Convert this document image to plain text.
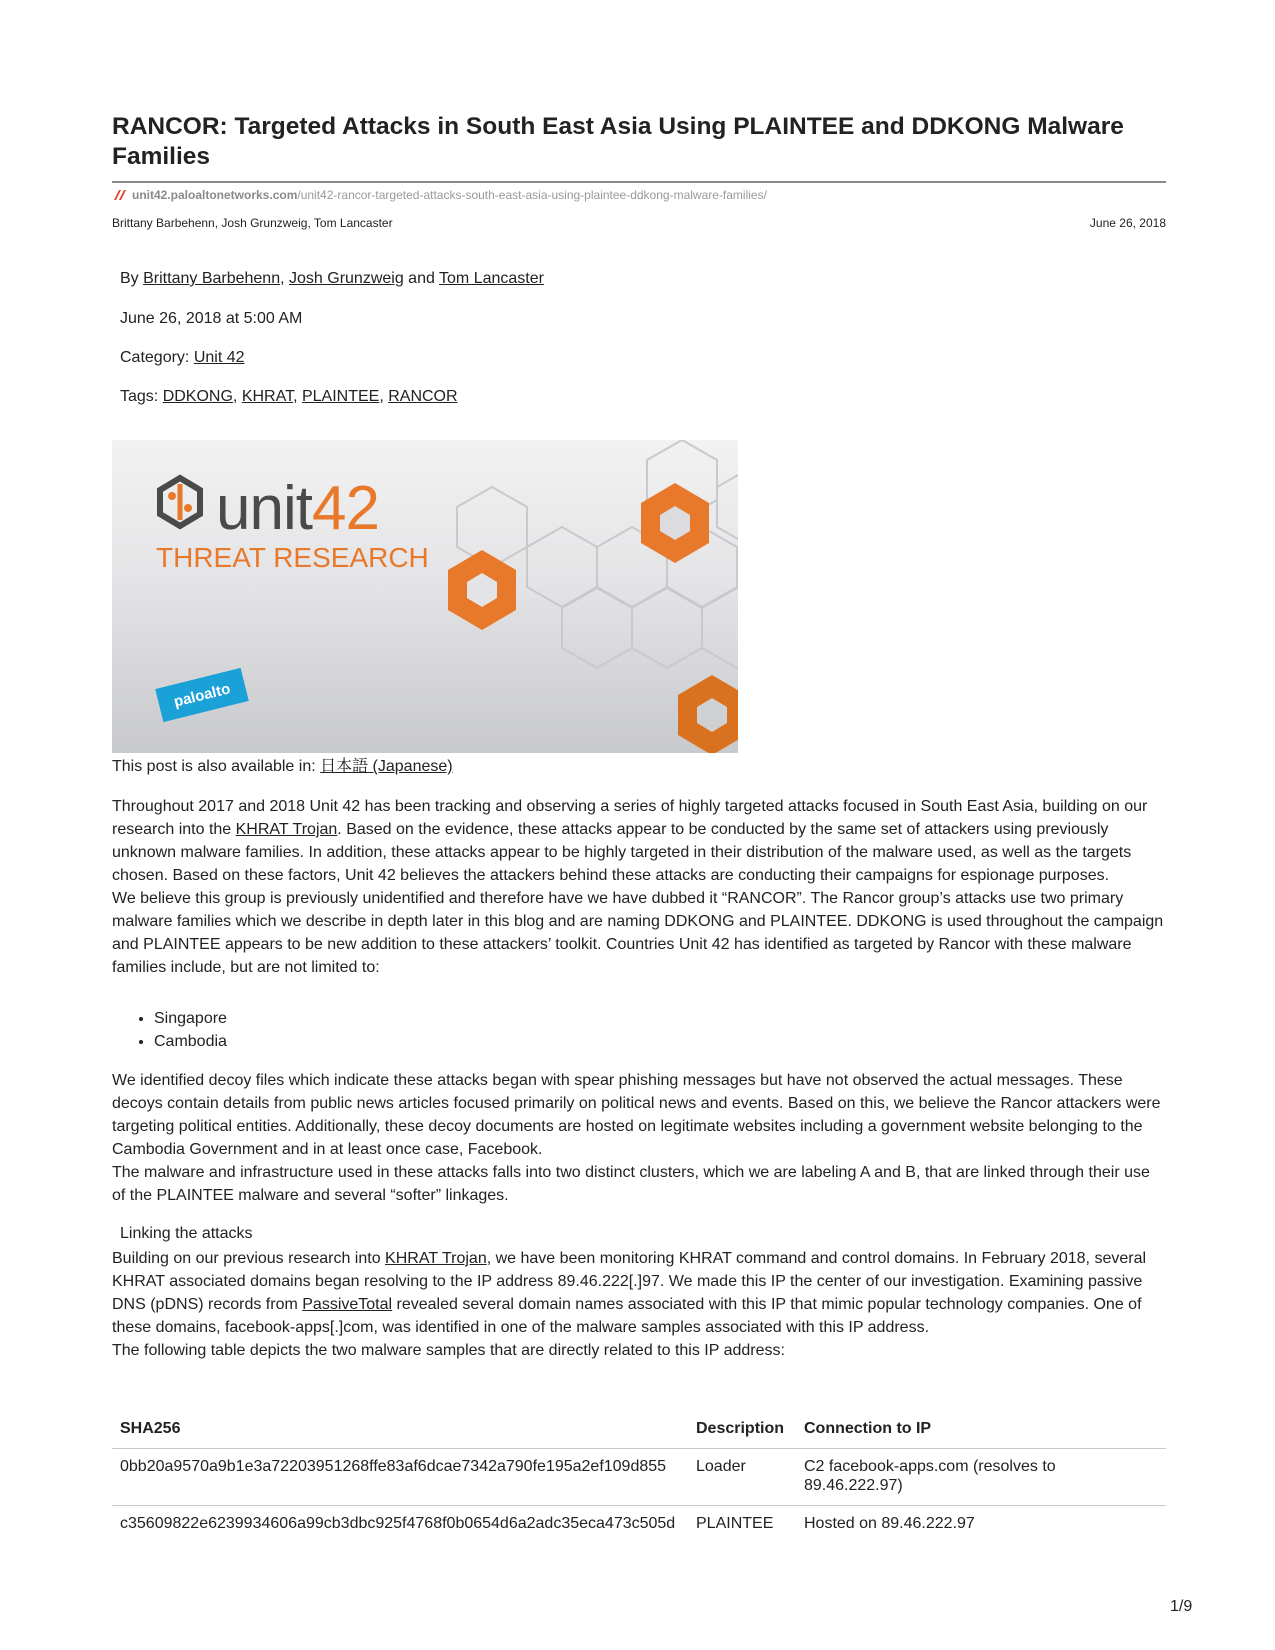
RANCOR: Targeted Attacks in South East Asia Using PLAINTEE and DDKONG Malware Families
unit42.paloaltonetworks.com /unit42-rancor-targeted-attacks-south-east-asia-using-plaintee-ddkong-malware-families/
Brittany Barbehenn, Josh Grunzweig, Tom Lancaster	June 26, 2018
By Brittany Barbehenn, Josh Grunzweig and Tom Lancaster
June 26, 2018 at 5:00 AM
Category: Unit 42
Tags: DDKONG, KHRAT, PLAINTEE, RANCOR
unit42
THREAT RESEARCH
paloalto
This post is also available in: 日本語 (Japanese)

Throughout 2017 and 2018 Unit 42 has been tracking and observing a series of highly targeted attacks focused in South East Asia, building on our research into the KHRAT Trojan. Based on the evidence, these attacks appear to be conducted by the same set of attackers using previously unknown malware families. In addition, these attacks appear to be highly targeted in their distribution of the malware used, as well as the targets chosen. Based on these factors, Unit 42 believes the attackers behind these attacks are conducting their campaigns for espionage purposes.

We believe this group is previously unidentified and therefore have we have dubbed it “RANCOR”. The Rancor group’s attacks use two primary malware families which we describe in depth later in this blog and are naming DDKONG and PLAINTEE. DDKONG is used throughout the campaign and PLAINTEE appears to be new addition to these attackers’ toolkit. Countries Unit 42 has identified as targeted by Rancor with these malware families include, but are not limited to:

• Singapore
• Cambodia

We identified decoy files which indicate these attacks began with spear phishing messages but have not observed the actual messages. These decoys contain details from public news articles focused primarily on political news and events. Based on this, we believe the Rancor attackers were targeting political entities. Additionally, these decoy documents are hosted on legitimate websites including a government website belonging to the Cambodia Government and in at least once case, Facebook.

The malware and infrastructure used in these attacks falls into two distinct clusters, which we are labeling A and B, that are linked through their use of the PLAINTEE malware and several “softer” linkages.

Linking the attacks

Building on our previous research into KHRAT Trojan, we have been monitoring KHRAT command and control domains. In February 2018, several KHRAT associated domains began resolving to the IP address 89.46.222[.]97. We made this IP the center of our investigation. Examining passive DNS (pDNS) records from PassiveTotal revealed several domain names associated with this IP that mimic popular technology companies. One of these domains, facebook-apps[.]com, was identified in one of the malware samples associated with this IP address.

The following table depicts the two malware samples that are directly related to this IP address:

SHA256	Description	Connection to IP
0bb20a9570a9b1e3a72203951268ffe83af6dcae7342a790fe195a2ef109d855	Loader	C2 facebook-apps.com (resolves to 89.46.222.97)
c35609822e6239934606a99cb3dbc925f4768f0b0654d6a2adc35eca473c505d	PLAINTEE	Hosted on 89.46.222.97
1/9
